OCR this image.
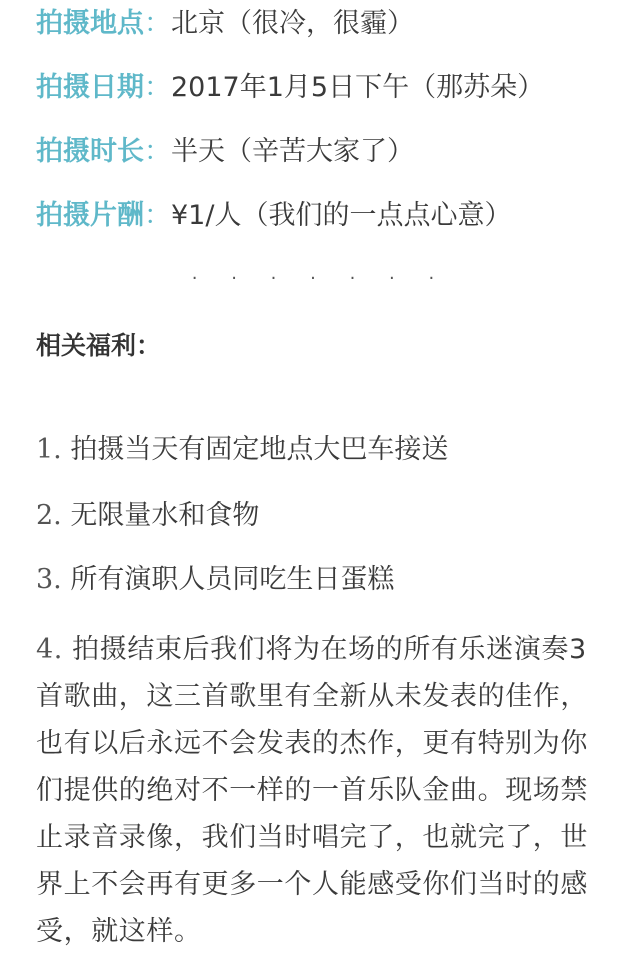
拍摄地点：北京（很冷，很霾）
拍摄日期：2017年1月5日下午（那苏朵）
拍摄时长：半天（辛苦大家了）
拍摄片酬：¥1/人（我们的一点点心意）
· · · · · · ·
相关福利：
1. 拍摄当天有固定地点大巴车接送
2. 无限量水和食物
3. 所有演职人员同吃生日蛋糕
4. 拍摄结束后我们将为在场的所有乐迷演奏3首歌曲，这三首歌里有全新从未发表的佳作，也有以后永远不会发表的杰作，更有特别为你们提供的绝对不一样的一首乐队金曲。现场禁止录音录像，我们当时唱完了，也就完了，世界上不会再有更多一个人能感受你们当时的感受，就这样。
